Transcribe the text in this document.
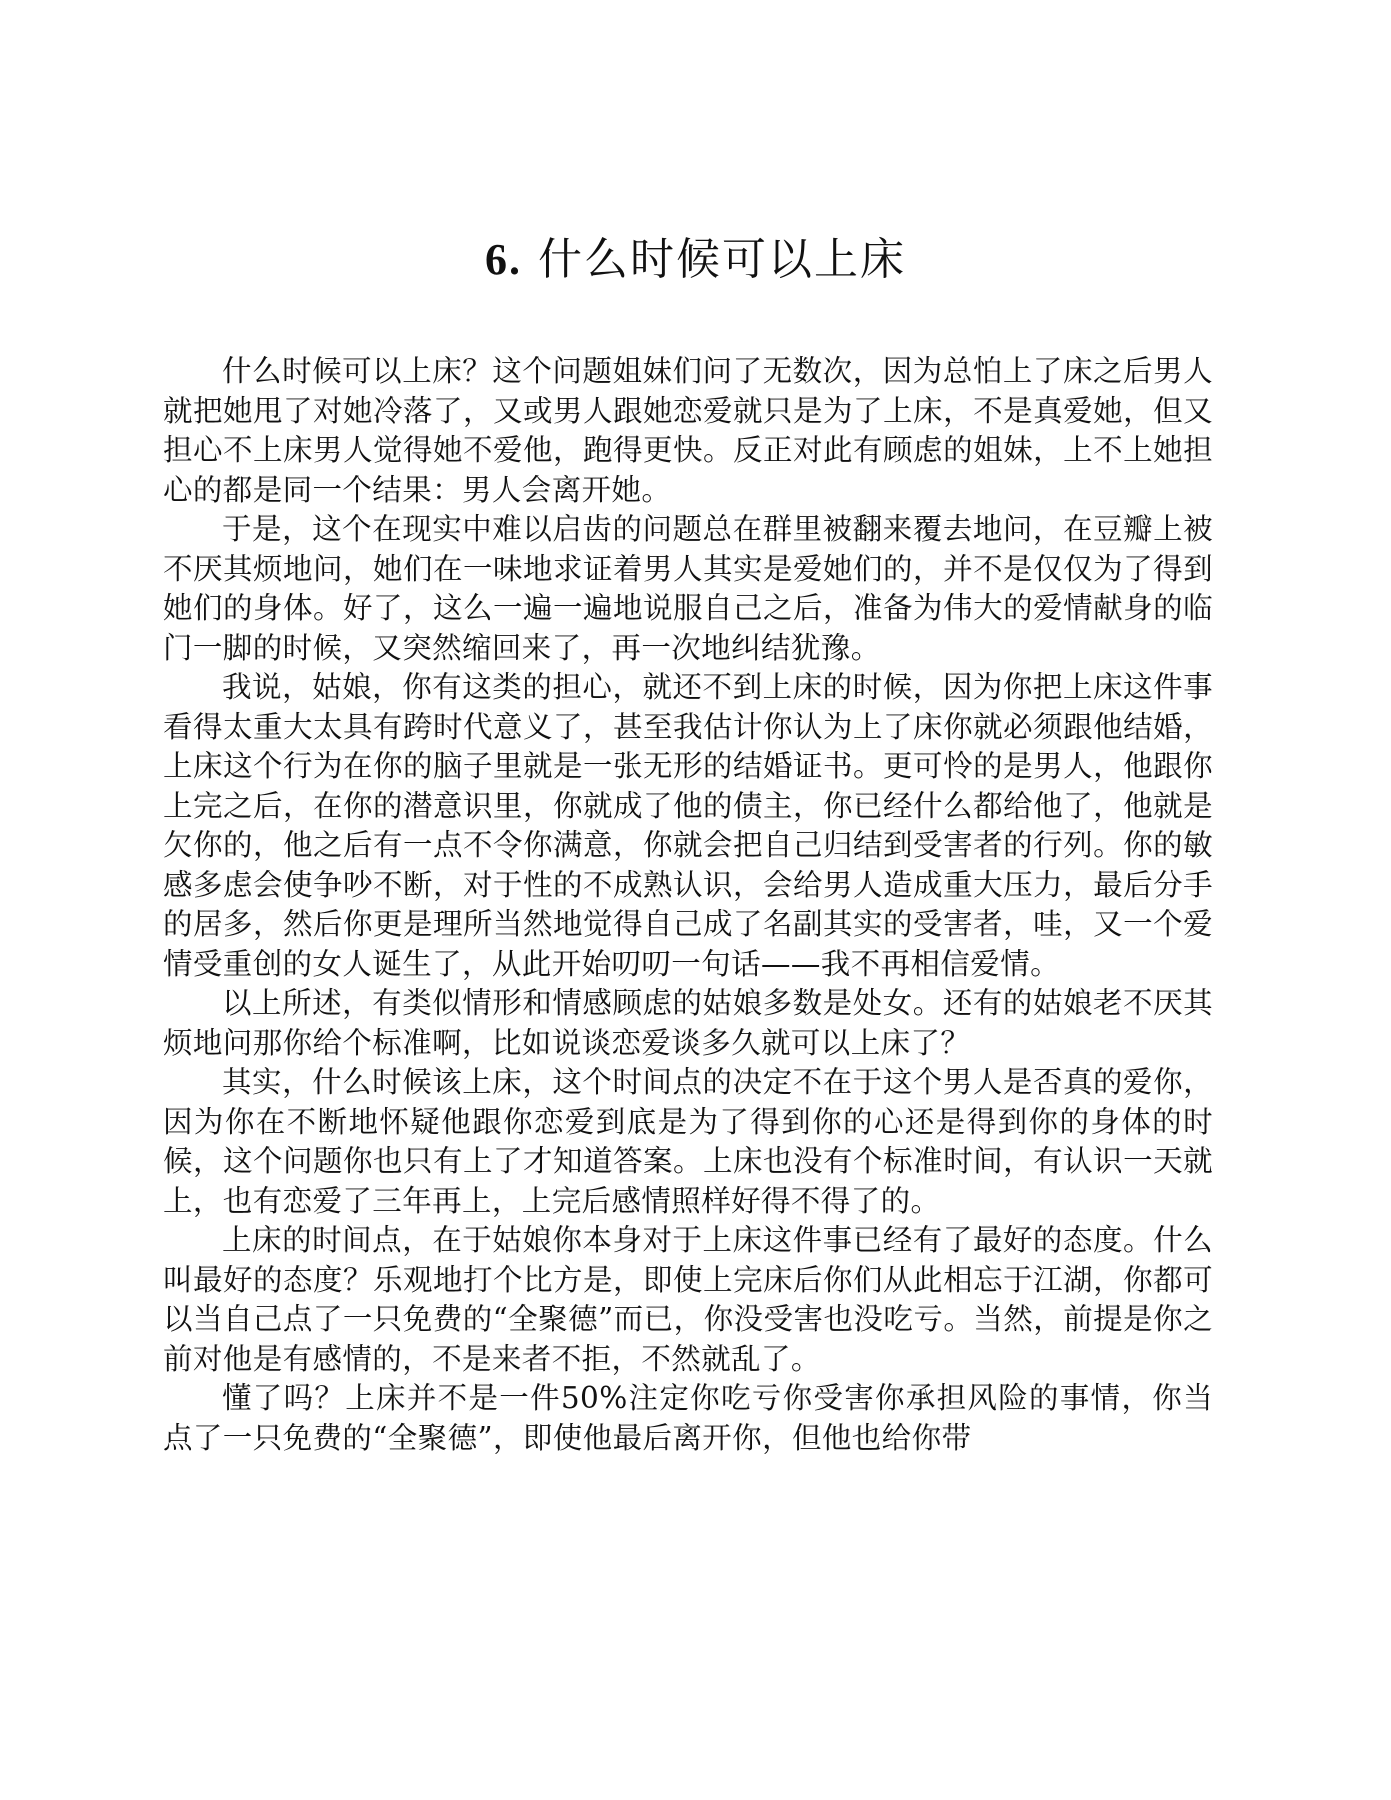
6. 什么时候可以上床

什么时候可以上床？这个问题姐妹们问了无数次，因为总怕上了床之后男人就把她甩了对她冷落了，又或男人跟她恋爱就只是为了上床，不是真爱她，但又担心不上床男人觉得她不爱他，跑得更快。反正对此有顾虑的姐妹，上不上她担心的都是同一个结果：男人会离开她。

于是，这个在现实中难以启齿的问题总在群里被翻来覆去地问，在豆瓣上被不厌其烦地问，她们在一味地求证着男人其实是爱她们的，并不是仅仅为了得到她们的身体。好了，这么一遍一遍地说服自己之后，准备为伟大的爱情献身的临门一脚的时候，又突然缩回来了，再一次地纠结犹豫。

我说，姑娘，你有这类的担心，就还不到上床的时候，因为你把上床这件事看得太重大太具有跨时代意义了，甚至我估计你认为上了床你就必须跟他结婚，上床这个行为在你的脑子里就是一张无形的结婚证书。更可怜的是男人，他跟你上完之后，在你的潜意识里，你就成了他的债主，你已经什么都给他了，他就是欠你的，他之后有一点不令你满意，你就会把自己归结到受害者的行列。你的敏感多虑会使争吵不断，对于性的不成熟认识，会给男人造成重大压力，最后分手的居多，然后你更是理所当然地觉得自己成了名副其实的受害者，哇，又一个爱情受重创的女人诞生了，从此开始叨叨一句话——我不再相信爱情。

以上所述，有类似情形和情感顾虑的姑娘多数是处女。还有的姑娘老不厌其烦地问那你给个标准啊，比如说谈恋爱谈多久就可以上床了？

其实，什么时候该上床，这个时间点的决定不在于这个男人是否真的爱你，因为你在不断地怀疑他跟你恋爱到底是为了得到你的心还是得到你的身体的时候，这个问题你也只有上了才知道答案。上床也没有个标准时间，有认识一天就上，也有恋爱了三年再上，上完后感情照样好得不得了的。

上床的时间点，在于姑娘你本身对于上床这件事已经有了最好的态度。什么叫最好的态度？乐观地打个比方是，即使上完床后你们从此相忘于江湖，你都可以当自己点了一只免费的“全聚德”而已，你没受害也没吃亏。当然，前提是你之前对他是有感情的，不是来者不拒，不然就乱了。

懂了吗？上床并不是一件50%注定你吃亏你受害你承担风险的事情，你当点了一只免费的“全聚德”，即使他最后离开你，但他也给你带
